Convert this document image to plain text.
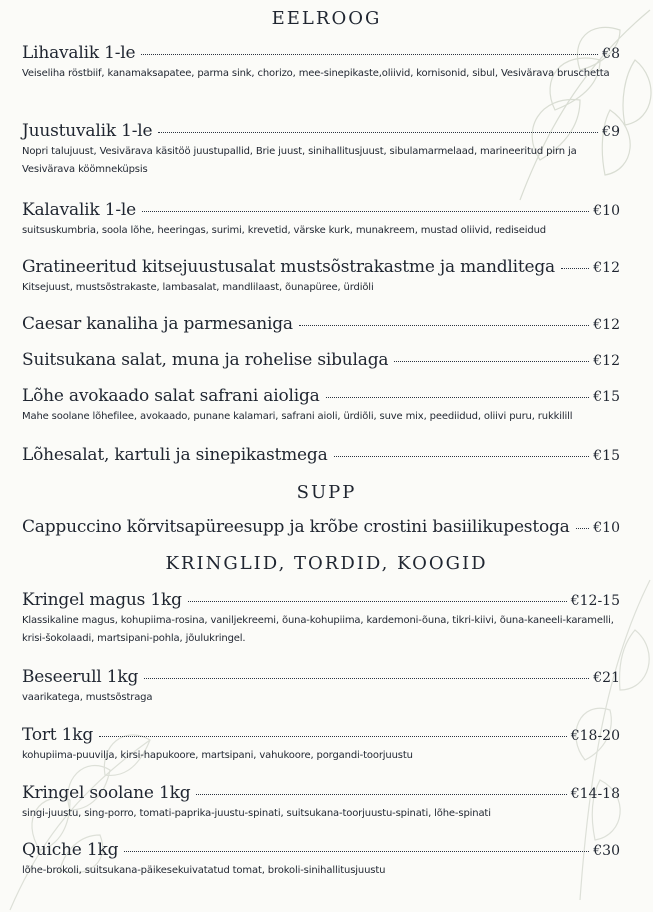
EELROOG
Lihavalik 1-le	€8
Veiseliha röstbiif, kanamaksapatee, parma sink, chorizo, mee-sinepikaste,oliivid, kornisonid, sibul, Vesivärava bruschetta
Juustuvalik 1-le	€9
Nopri talujuust, Vesivärava käsitöö juustupallid, Brie juust, sinihallitusjuust, sibulamarmelaad, marineeritud pirn ja Vesivärava köömneküpsis
Kalavalik 1-le	€10
suitsuskumbria, soola lõhe, heeringas, surimi, krevetid, värske kurk, munakreem, mustad oliivid, rediseidud
Gratineeritud kitsejuustusalat mustsõstrakastme ja mandlitega	€12
Kitsejuust, mustsõstrakaste, lambasalat, mandlilaast, õunapüree, ürdiõli
Caesar kanaliha ja parmesaniga	€12
Suitsukana salat, muna ja rohelise sibulaga	€12
Lõhe avokaado salat safrani aioliga	€15
Mahe soolane lõhefilee, avokaado, punane kalamari, safrani aioli, ürdiõli, suve mix, peediidud, oliivi puru, rukkilill
Lõhesalat, kartuli ja sinepikastmega	€15
SUPP
Cappuccino kõrvitsapüreesupp ja krõbe crostini basiilikupestoga €10
KRINGLID, TORDID, KOOGID
Kringel magus 1kg	€12-15
Klassikaline magus, kohupiima-rosina, vaniljekreemi, õuna-kohupiima, kardemoni-õuna, tikri-kiivi, õuna-kaneeli-karamelli, krisi-šokolaadi, martsipani-pohla, jõulukringel.
Beseerull 1kg	€21
vaarikatega, mustsõstraga
Tort 1kg	€18-20
kohupiima-puuvilja, kirsi-hapukoore, martsipani, vahukoore, porgandi-toorjuustu
Kringel soolane 1kg	€14-18
singi-juustu, sing-porro, tomati-paprika-juustu-spinati, suitsukana-toorjuustu-spinati, lõhe-spinati
Quiche 1kg	€30
lõhe-brokoli, suitsukana-päikesekuivatatud tomat, brokoli-sinihallitusjuustu
